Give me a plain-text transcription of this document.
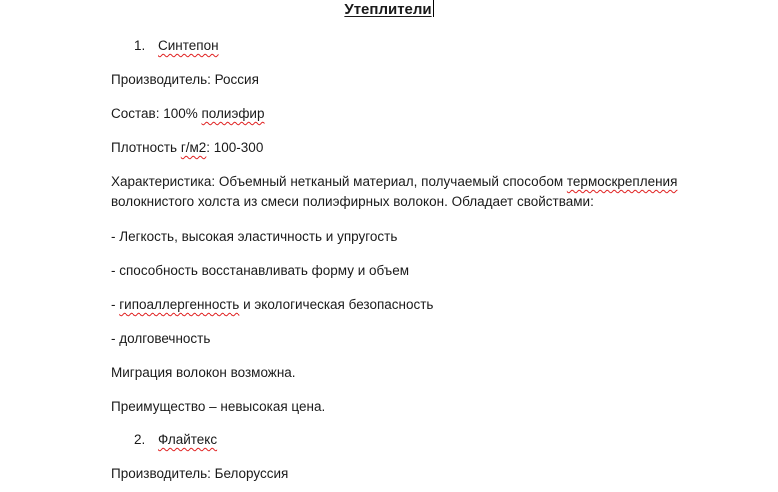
Утеплители
1. Синтепон
Производитель: Россия
Состав: 100% полиэфир
Плотность г/м2: 100-300
Характеристика: Объемный нетканый материал, получаемый способом термоскрепления
волокнистого холста из смеси полиэфирных волокон. Обладает свойствами:
- Легкость, высокая эластичность и упругость
- способность восстанавливать форму и объем
- гипоаллергенность и экологическая безопасность
- долговечность
Миграция волокон возможна.
Преимущество – невысокая цена.
2. Флайтекс
Производитель: Белоруссия
